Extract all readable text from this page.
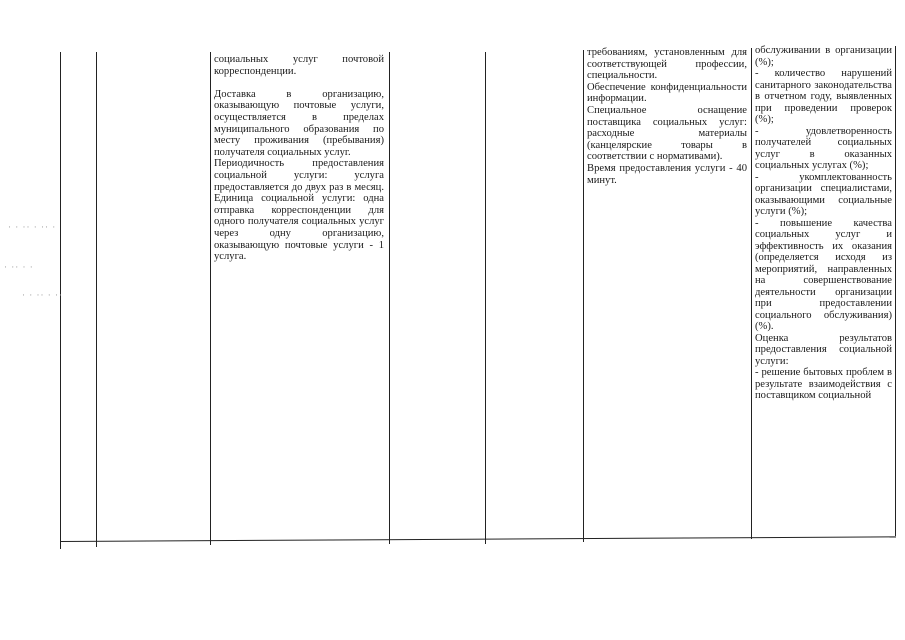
социальных услуг почтовой корреспонденции.

Доставка в организацию, оказывающую почтовые услуги, осуществляется в пределах муниципального образования по месту проживания (пребывания) получателя социальных услуг.

Периодичность предоставления социальной услуги: услуга предоставляется до двух раз в месяц. Единица социальной услуги: одна отправка корреспонденции для одного получателя социальных услуг через одну организацию, оказывающую почтовые услуги - 1 услуга.

требованиям, установленным для соответствующей профессии, специальности.

Обеспечение конфиденциальности информации.

Специальное оснащение поставщика социальных услуг: расходные материалы (канцелярские товары в соответствии с нормативами).

Время предоставления услуги - 40 минут.

обслуживании в организации (%);

- количество нарушений санитарного законодательства в отчетном году, выявленных при проведении проверок (%);

- удовлетворенность получателей социальных услуг в оказанных социальных услугах (%);

- укомплектованность организации специалистами, оказывающими социальные услуги (%);

- повышение качества социальных услуг и эффективность их оказания (определяется исходя из мероприятий, направленных на совершенствование деятельности организации при предоставлении социального обслуживания) (%).

Оценка результатов предоставления социальной услуги:

- решение бытовых проблем в результате взаимодействия с поставщиком социальной

· · ·· · ·· ·
· ·· · ·
· · ·· · ··
